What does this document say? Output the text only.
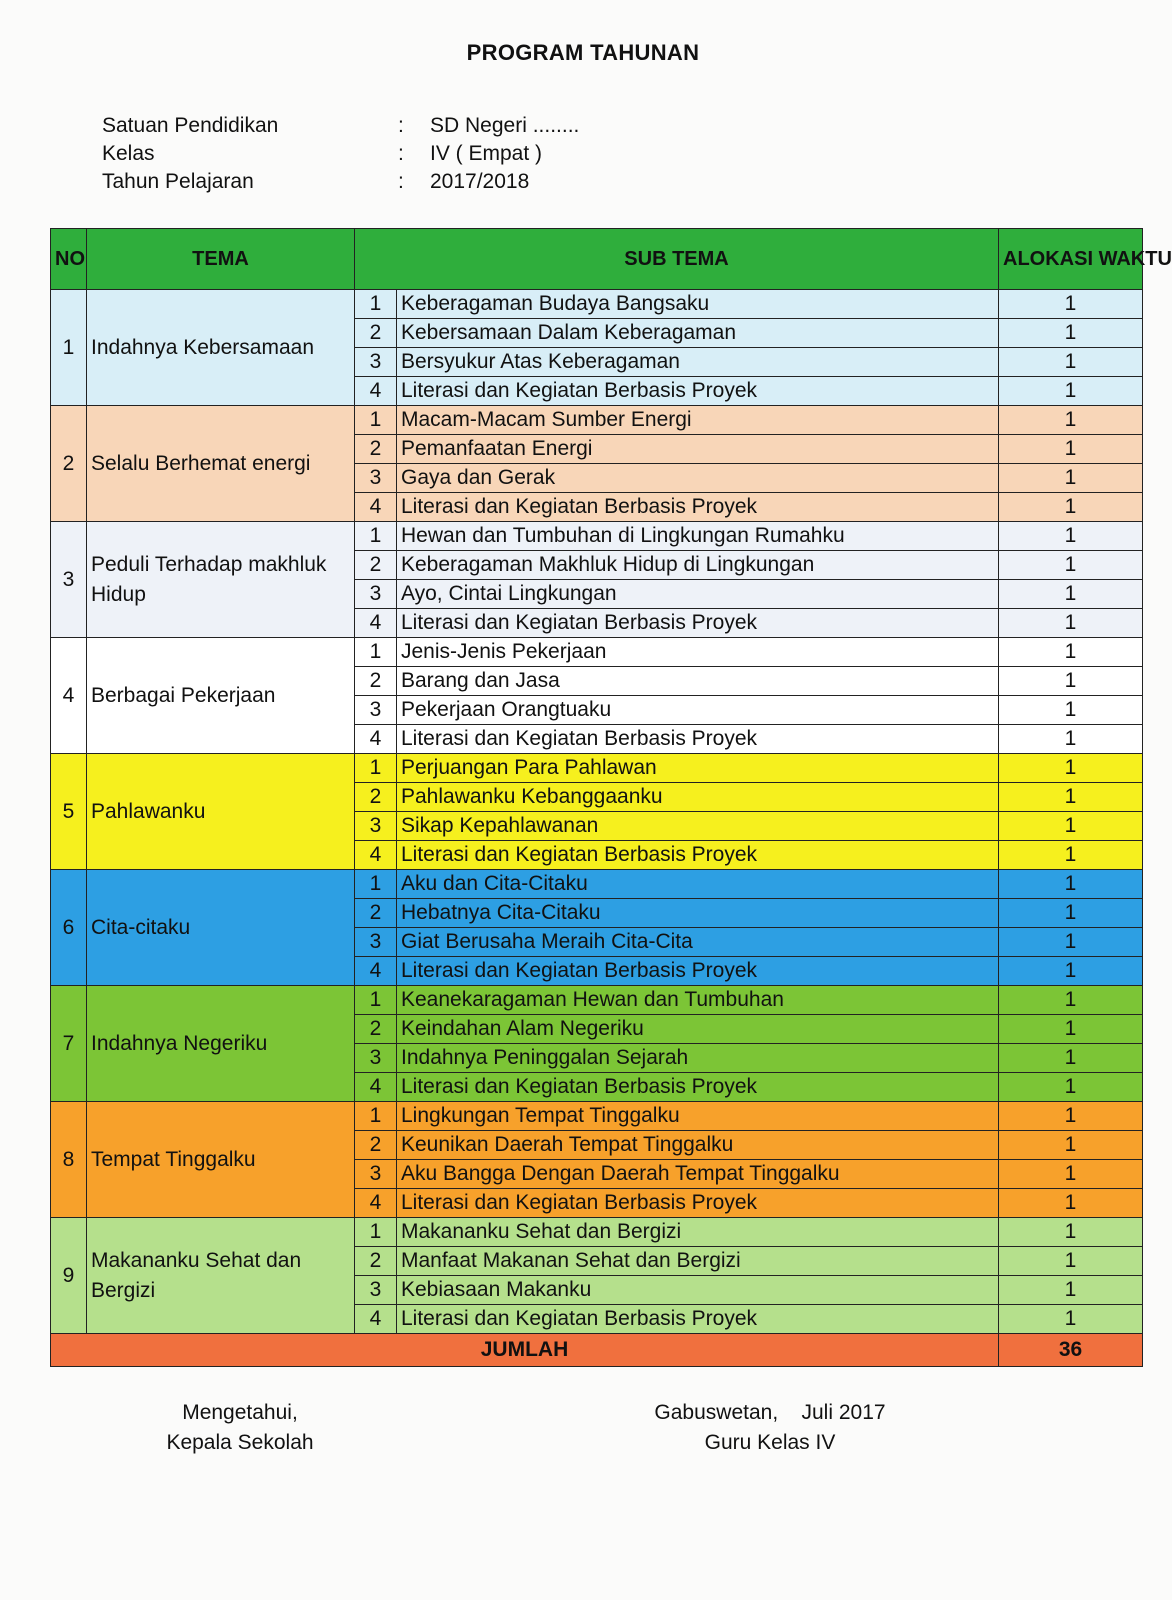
PROGRAM TAHUNAN
Satuan Pendidikan	:	SD Negeri ........
Kelas	:	IV ( Empat )
Tahun Pelajaran	:	2017/2018
NO	TEMA	SUB TEMA		ALOKASI WAKTU
1	Indahnya Kebersamaan	1	Keberagaman Budaya Bangsaku	1
		2	Kebersamaan Dalam Keberagaman	1
		3	Bersyukur Atas Keberagaman	1
		4	Literasi dan Kegiatan Berbasis Proyek	1
2	Selalu Berhemat energi	1	Macam-Macam Sumber Energi	1
		2	Pemanfaatan Energi	1
		3	Gaya dan Gerak	1
		4	Literasi dan Kegiatan Berbasis Proyek	1
3	Peduli Terhadap makhluk Hidup	1	Hewan dan Tumbuhan di Lingkungan Rumahku	1
		2	Keberagaman Makhluk Hidup di Lingkungan	1
		3	Ayo, Cintai Lingkungan	1
		4	Literasi dan Kegiatan Berbasis Proyek	1
4	Berbagai Pekerjaan	1	Jenis-Jenis Pekerjaan	1
		2	Barang dan Jasa	1
		3	Pekerjaan Orangtuaku	1
		4	Literasi dan Kegiatan Berbasis Proyek	1
5	Pahlawanku	1	Perjuangan Para Pahlawan	1
		2	Pahlawanku Kebanggaanku	1
		3	Sikap Kepahlawanan	1
		4	Literasi dan Kegiatan Berbasis Proyek	1
6	Cita-citaku	1	Aku dan Cita-Citaku	1
		2	Hebatnya Cita-Citaku	1
		3	Giat Berusaha Meraih Cita-Cita	1
		4	Literasi dan Kegiatan Berbasis Proyek	1
7	Indahnya Negeriku	1	Keanekaragaman Hewan dan Tumbuhan	1
		2	Keindahan Alam Negeriku	1
		3	Indahnya Peninggalan Sejarah	1
		4	Literasi dan Kegiatan Berbasis Proyek	1
8	Tempat Tinggalku	1	Lingkungan Tempat Tinggalku	1
		2	Keunikan Daerah Tempat Tinggalku	1
		3	Aku Bangga Dengan Daerah Tempat Tinggalku	1
		4	Literasi dan Kegiatan Berbasis Proyek	1
9	Makananku Sehat dan Bergizi	1	Makananku Sehat dan Bergizi	1
		2	Manfaat Makanan Sehat dan Bergizi	1
		3	Kebiasaan Makanku	1
		4	Literasi dan Kegiatan Berbasis Proyek	1
JUMLAH				36
Mengetahui,
Kepala Sekolah
Gabuswetan,    Juli 2017
Guru Kelas IV
